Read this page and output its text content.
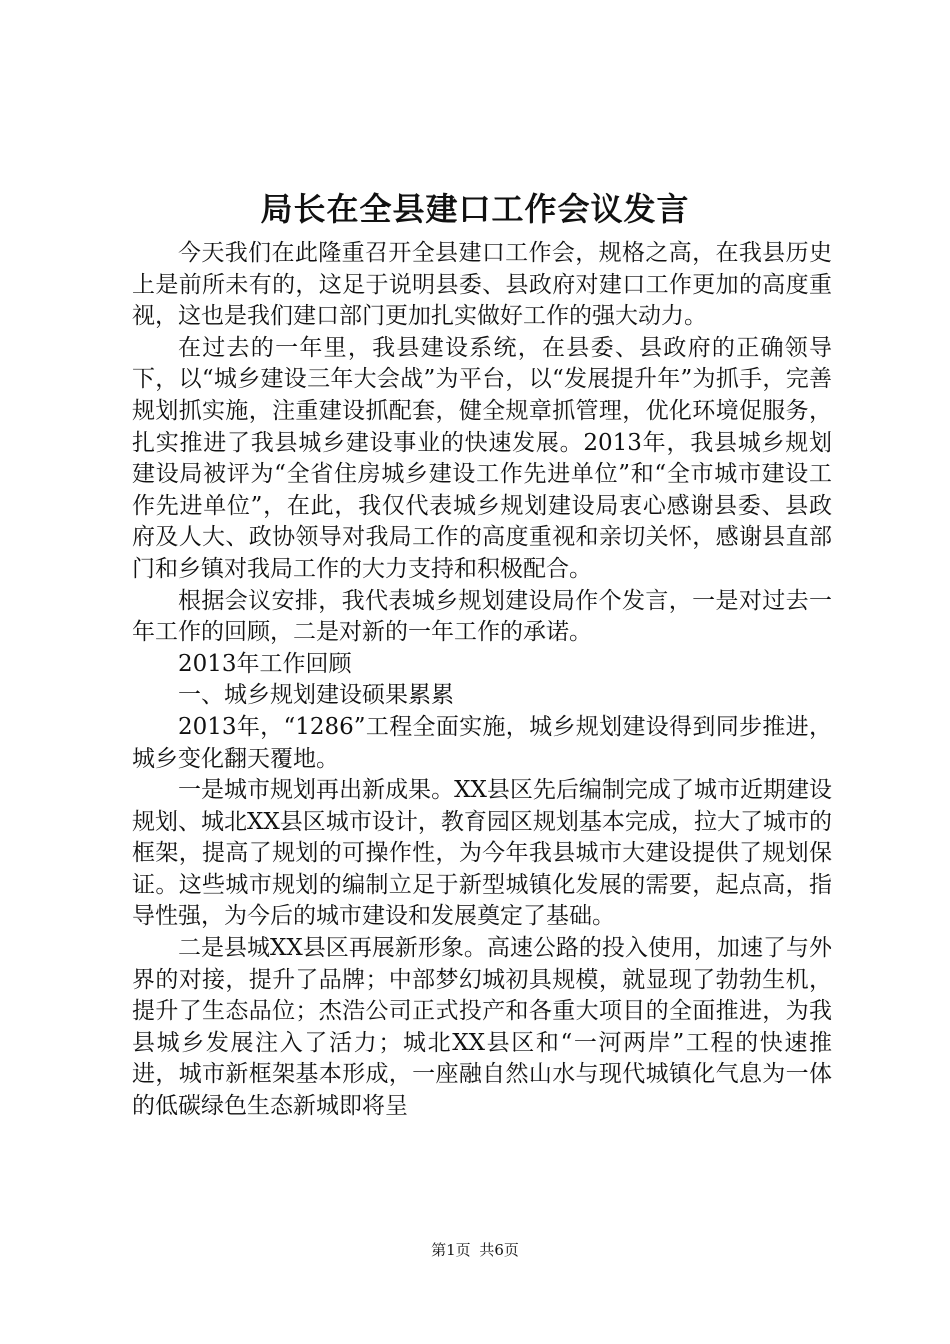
局长在全县建口工作会议发言

今天我们在此隆重召开全县建口工作会，规格之高，在我县历史上是前所未有的，这足于说明县委、县政府对建口工作更加的高度重视，这也是我们建口部门更加扎实做好工作的强大动力。

在过去的一年里，我县建设系统，在县委、县政府的正确领导下，以“城乡建设三年大会战”为平台，以“发展提升年”为抓手，完善规划抓实施，注重建设抓配套，健全规章抓管理，优化环境促服务，扎实推进了我县城乡建设事业的快速发展。2013年，我县城乡规划建设局被评为“全省住房城乡建设工作先进单位”和“全市城市建设工作先进单位”，在此，我仅代表城乡规划建设局衷心感谢县委、县政府及人大、政协领导对我局工作的高度重视和亲切关怀，感谢县直部门和乡镇对我局工作的大力支持和积极配合。

根据会议安排，我代表城乡规划建设局作个发言，一是对过去一年工作的回顾，二是对新的一年工作的承诺。

2013年工作回顾

一、城乡规划建设硕果累累

2013年，“1286”工程全面实施，城乡规划建设得到同步推进，城乡变化翻天覆地。

一是城市规划再出新成果。XX县区先后编制完成了城市近期建设规划、城北XX县区城市设计，教育园区规划基本完成，拉大了城市的框架，提高了规划的可操作性，为今年我县城市大建设提供了规划保证。这些城市规划的编制立足于新型城镇化发展的需要，起点高，指导性强，为今后的城市建设和发展奠定了基础。

二是县城XX县区再展新形象。高速公路的投入使用，加速了与外界的对接，提升了品牌；中部梦幻城初具规模，就显现了勃勃生机，提升了生态品位；杰浩公司正式投产和各重大项目的全面推进，为我县城乡发展注入了活力；城北XX县区和“一河两岸”工程的快速推进，城市新框架基本形成，一座融自然山水与现代城镇化气息为一体的低碳绿色生态新城即将呈

第1页 共6页
